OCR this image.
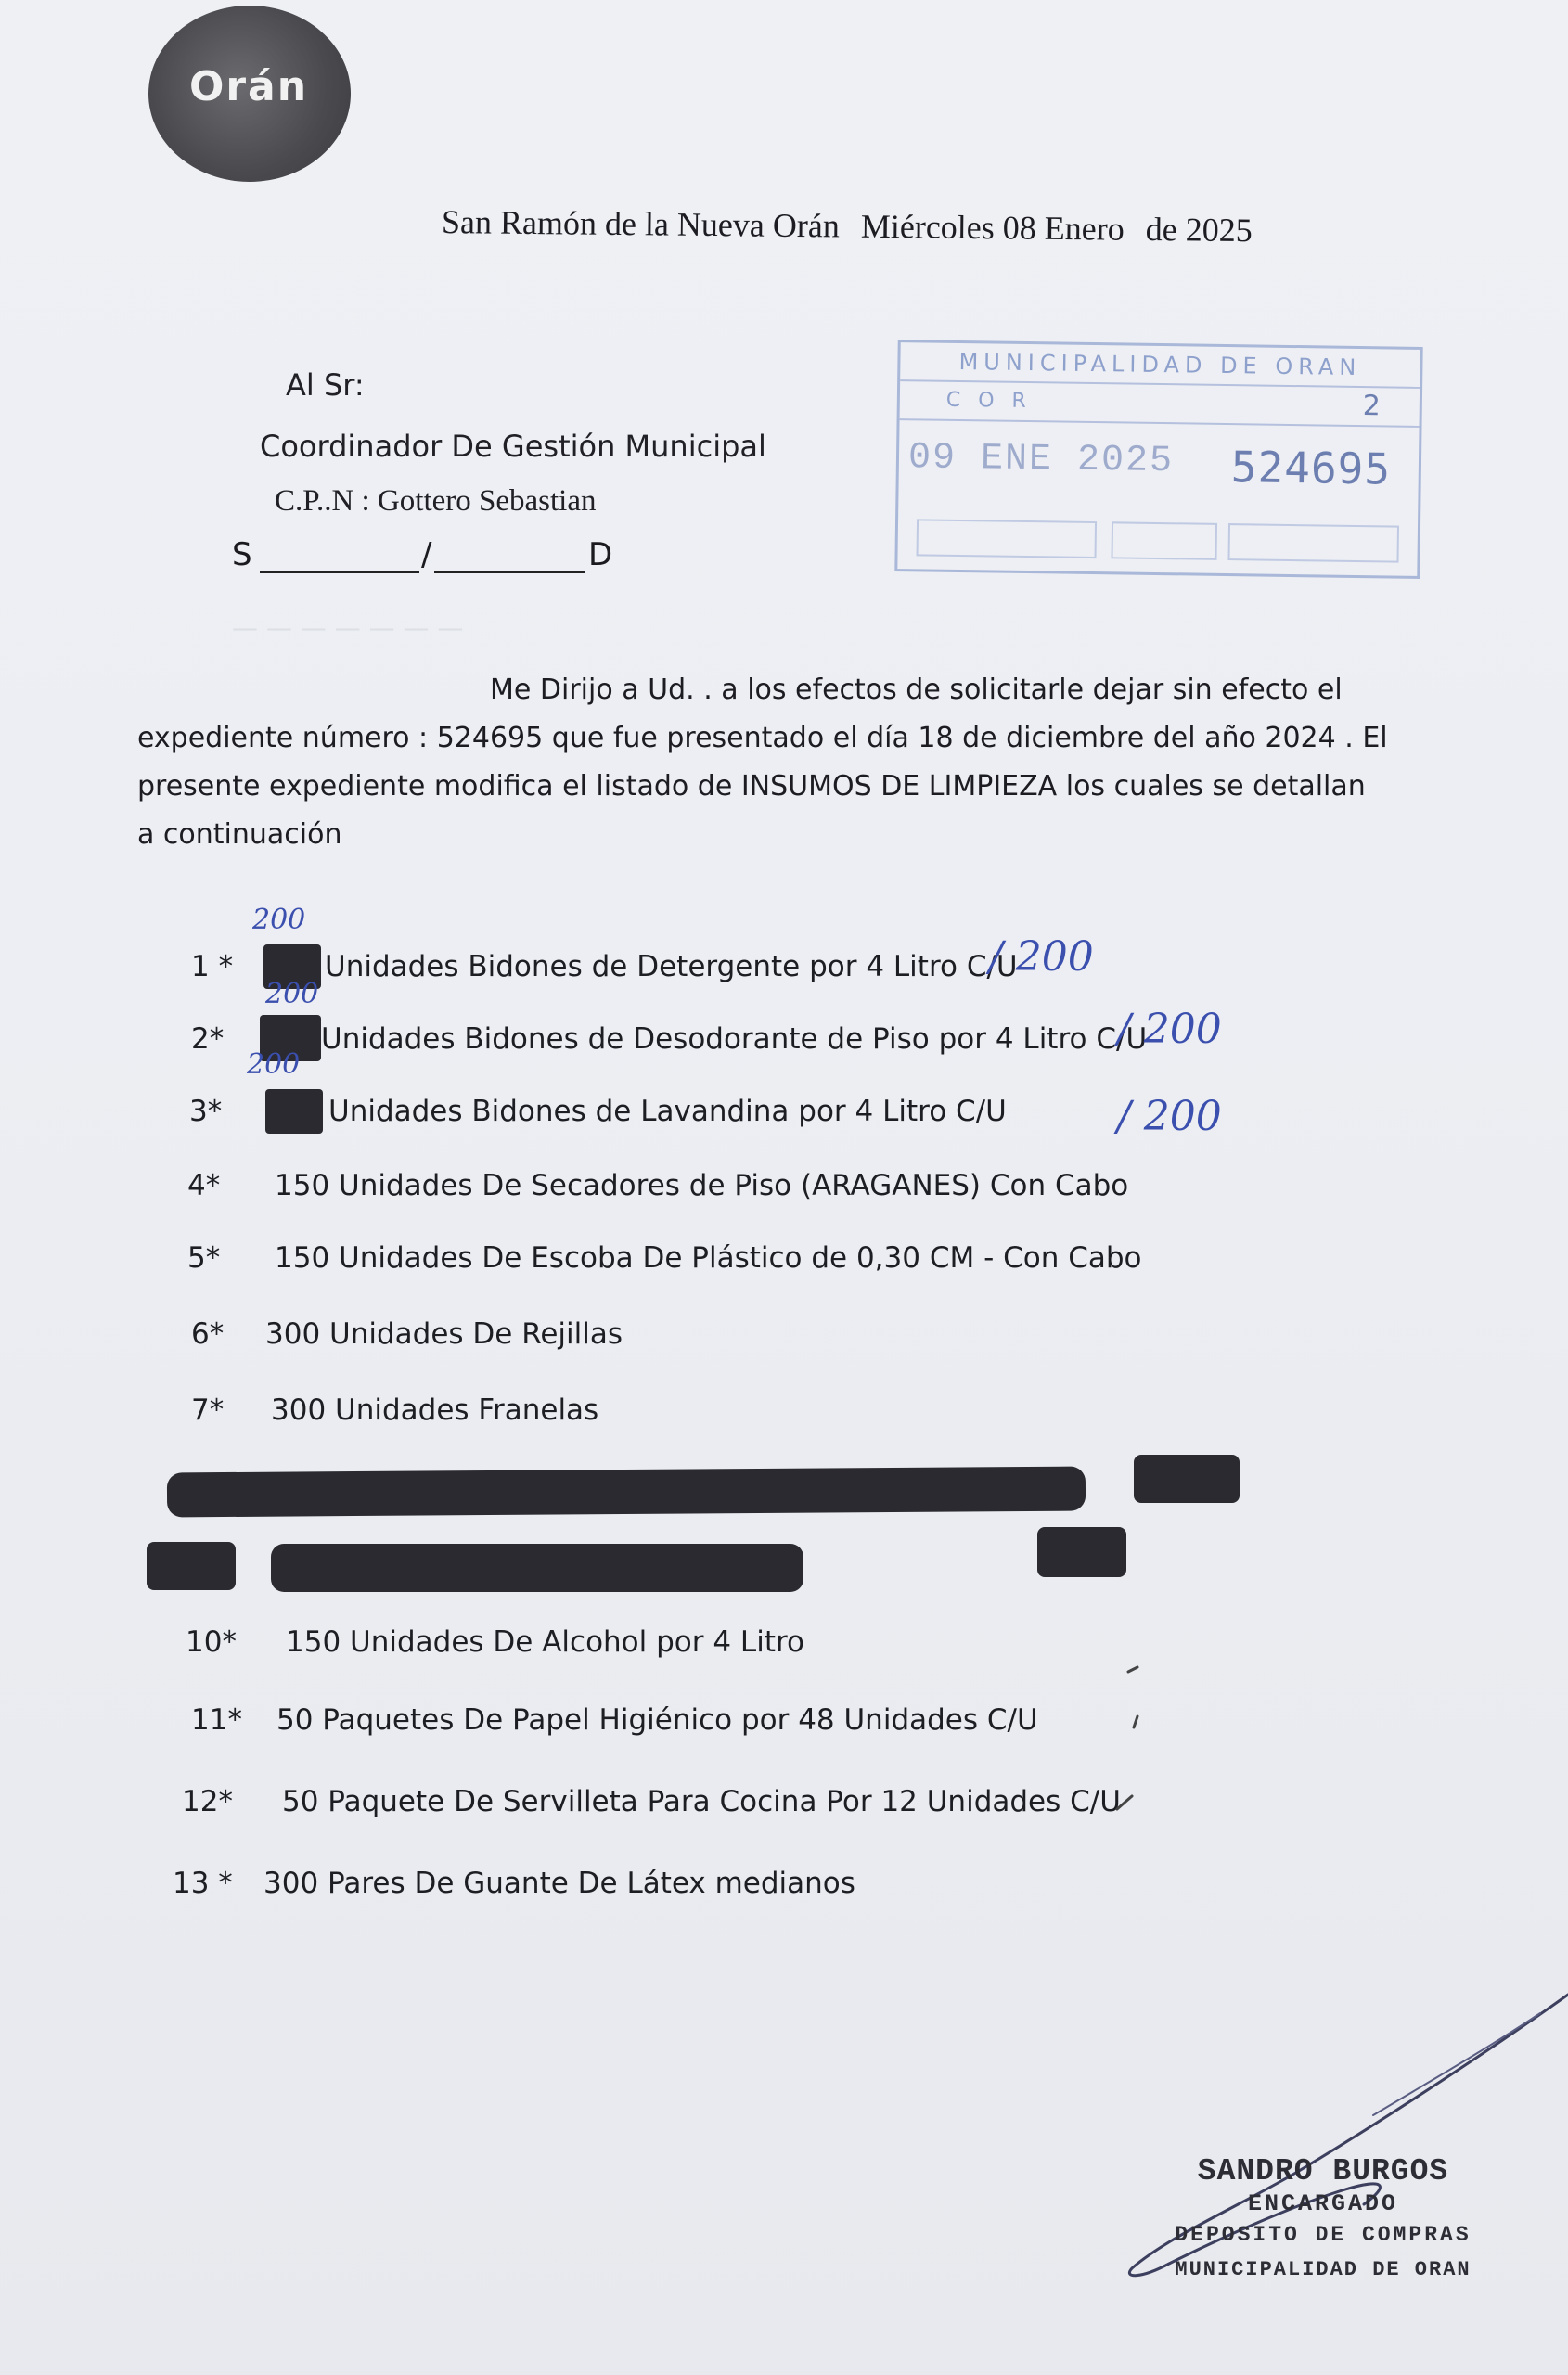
Orán
San Ramón de la Nueva Orán Miércoles 08 Enero de 2025
Al Sr:
Coordinador De Gestión Municipal
C.P..N : Gottero Sebastian
S	/	D
MUNICIPALIDAD DE ORAN
C O R	2
09 ENE 2025 524695
— — — — — — —
Me Dirijo a Ud. . a los efectos de solicitarle dejar sin efecto el
expediente número : 524695 que fue presentado el día 18 de diciembre del año 2024 . El
presente expediente modifica el listado de INSUMOS DE LIMPIEZA los cuales se detallan
a continuación
1 *	Unidades Bidones de Detergente por 4 Litro C/U
200
/ 200
2*	Unidades Bidones de Desodorante de Piso por 4 Litro C/U
200
/ 200
3*	Unidades Bidones de Lavandina por 4 Litro C/U
200
/ 200
4* 150 Unidades De Secadores de Piso (ARAGANES) Con Cabo
5* 150 Unidades De Escoba De Plástico de 0,30 CM - Con Cabo
6* 300 Unidades De Rejillas
7* 300 Unidades Franelas
10* 150 Unidades De Alcohol por 4 Litro
11* 50 Paquetes De Papel Higiénico por 48 Unidades C/U
12* 50 Paquete De Servilleta Para Cocina Por 12 Unidades C/U
13 * 300 Pares De Guante De Látex medianos
SANDRO BURGOS
ENCARGADO
DEPOSITO DE COMPRAS
MUNICIPALIDAD DE ORAN
